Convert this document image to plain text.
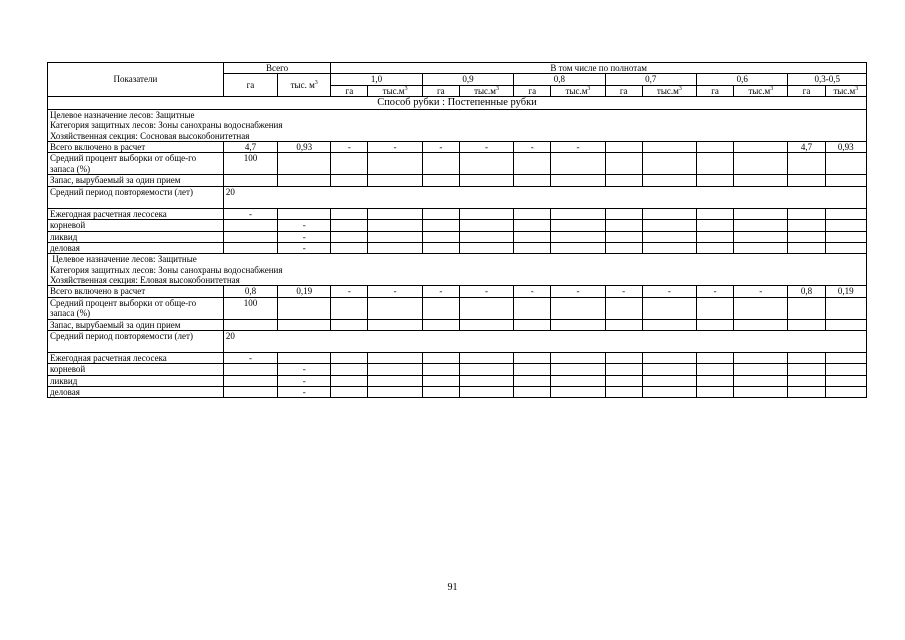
Показатели	Всего		В том числе по полнотам											
	га	тыс. $м^3$	1,0		0,9		0,8		0,7		0,6		0,3-0,5	
			га	$тыс.м^3$	га	$тыс.м^3$	га	$тыс.м^3$	га	$тыс.м^3$	га	$тыс.м^3$	га	$тыс.м^3$
Способ рубки : Постепенные рубки														

Целевое назначение лесов: Защитные
Категория защитных лесов: Зоны санохраны водоснабжения
Хозяйственная секция: Сосновая высокобонитетная														

Всего включено в расчет	4,7	0,93	-	-	-	-	-	-					4,7	0,93
Средний процент выборки от обще-го запаса (%)	100													
Запас, вырубаемый за один прием														
Средний период повторяемости (лет)	20													
Ежегодная расчетная лесосека	-													
корневой		-												
ликвид		-												
деловая		-												

Целевое назначение лесов: Защитные
Категория защитных лесов: Зоны санохраны водоснабжения
Хозяйственная секция: Еловая высокобонитетная														

Всего включено в расчет	0,8	0,19	-	-	-	-	-	-	-	-	-	-	0,8	0,19
Средний процент выборки от обще-го запаса (%)	100													
Запас, вырубаемый за один прием														
Средний период повторяемости (лет)	20													
Ежегодная расчетная лесосека	-													
корневой		-												
ликвид		-												
деловая		-												
91
